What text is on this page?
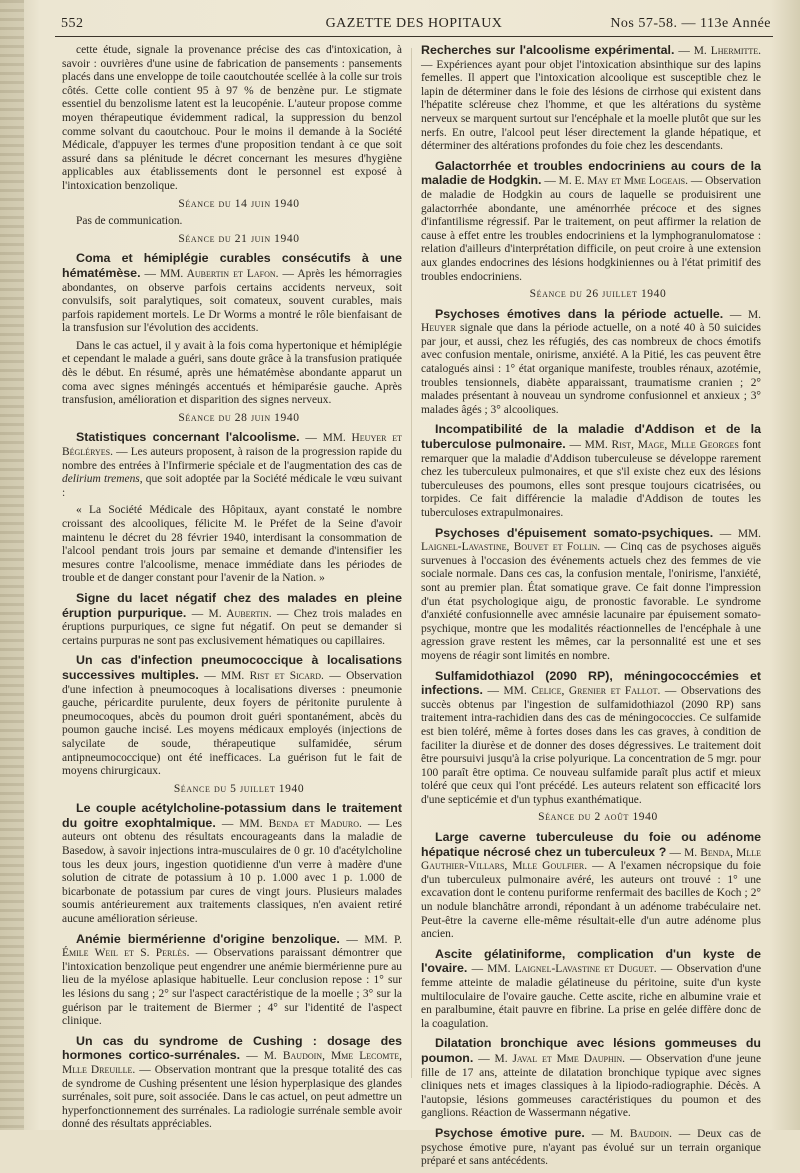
552	GAZETTE DES HOPITAUX	Nos 57-58. — 113e Année

cette étude, signale la provenance précise des cas d'intoxication, à savoir : ouvrières d'une usine de fabrication de pansements : pansements placés dans une enveloppe de toile caoutchoutée scellée à la colle sur trois côtés. Cette colle contient 95 à 97 % de benzène pur. Le stigmate essentiel du benzolisme latent est la leucopénie. L'auteur propose comme moyen thérapeutique évidemment radical, la suppression du benzol comme solvant du caoutchouc. Pour le moins il demande à la Société Médicale, d'appuyer les termes d'une proposition tendant à ce que soit assuré dans sa plénitude le décret concernant les mesures d'hygiène applicables aux établissements dont le personnel est exposé à l'intoxication benzolique.

Séance du 14 juin 1940

Pas de communication.

Séance du 21 juin 1940

Coma et hémiplégie curables consécutifs à une hématémèse. — MM. Aubertin et Lafon. — Après les hémorragies abondantes, on observe parfois certains accidents nerveux, soit convulsifs, soit paralytiques, soit comateux, souvent curables, mais parfois rapidement mortels. Le Dr Worms a montré le rôle bienfaisant de la transfusion sur l'évolution des accidents.

Dans le cas actuel, il y avait à la fois coma hypertonique et hémiplégie et cependant le malade a guéri, sans doute grâce à la transfusion pratiquée dès le début. En résumé, après une hématémèse abondante apparut un coma avec signes méningés accentués et hémiparésie gauche. Après transfusion, amélioration et disparition des signes nerveux.

Séance du 28 juin 1940

Statistiques concernant l'alcoolisme. — MM. Heuyer et Bégléryes. — Les auteurs proposent, à raison de la progression rapide du nombre des entrées à l'Infirmerie spéciale et de l'augmentation des cas de delirium tremens, que soit adoptée par la Société médicale le vœu suivant :

« La Société Médicale des Hôpitaux, ayant constaté le nombre croissant des alcooliques, félicite M. le Préfet de la Seine d'avoir maintenu le décret du 28 février 1940, interdisant la consommation de l'alcool pendant trois jours par semaine et demande d'intensifier les mesures contre l'alcoolisme, menace immédiate dans les périodes de trouble et de danger constant pour l'avenir de la Nation. »

Signe du lacet négatif chez des malades en pleine éruption purpurique. — M. Aubertin. — Chez trois malades en éruptions purpuriques, ce signe fut négatif. On peut se demander si certains purpuras ne sont pas exclusivement hématiques ou capillaires.

Un cas d'infection pneumococcique à localisations successives multiples. — MM. Rist et Sicard. — Observation d'une infection à pneumocoques à localisations diverses : pneumonie gauche, péricardite purulente, deux foyers de péritonite purulente à pneumocoques, abcès du poumon droit guéri spontanément, abcès du poumon gauche incisé. Les moyens médicaux employés (injections de salycilate de soude, thérapeutique sulfamidée, sérum antipneumococcique) ont été inefficaces. La guérison fut le fait de moyens chirurgicaux.

Séance du 5 juillet 1940

Le couple acétylcholine-potassium dans le traitement du goitre exophtalmique. — MM. Benda et Maduro. — Les auteurs ont obtenu des résultats encourageants dans la maladie de Basedow, à savoir injections intra-musculaires de 0 gr. 10 d'acétylcholine tous les deux jours, ingestion quotidienne d'un verre à madère d'une solution de citrate de potassium à 10 p. 1.000 avec 1 p. 1.000 de bicarbonate de potassium par cures de vingt jours. Plusieurs malades soumis antérieurement aux traitements classiques, n'en avaient retiré aucune amélioration sérieuse.

Anémie biermérienne d'origine benzolique. — MM. P. Émile Weil et S. Perlès. — Observations paraissant démontrer que l'intoxication benzolique peut engendrer une anémie biermérienne pure au lieu de la myélose aplasique habituelle. Leur conclusion repose : 1° sur les lésions du sang ; 2° sur l'aspect caractéristique de la moelle ; 3° sur la guérison par le traitement de Biermer ; 4° sur l'identité de l'aspect clinique.

Un cas du syndrome de Cushing : dosage des hormones cortico-surrénales. — M. Baudoin, Mme Lecomte, Mlle Dreuille. — Observation montrant que la presque totalité des cas de syndrome de Cushing présentent une lésion hyperplasique des glandes surrénales, soit pure, soit associée. Dans le cas actuel, on peut admettre un hyperfonctionnement des surrénales. La radiologie surrénale semble avoir donné des résultats appréciables.

Recherches sur l'alcoolisme expérimental. — M. Lhermitte. — Expériences ayant pour objet l'intoxication absinthique sur des lapins femelles. Il appert que l'intoxication alcoolique est susceptible chez le lapin de déterminer dans le foie des lésions de cirrhose qui existent dans l'hépatite scléreuse chez l'homme, et que les altérations du système nerveux se marquent surtout sur l'encéphale et la moelle plutôt que sur les nerfs. En outre, l'alcool peut léser directement la glande hépatique, et déterminer des altérations profondes du foie chez les descendants.

Galactorrhée et troubles endocriniens au cours de la maladie de Hodgkin. — M. E. May et Mme Logeais. — Observation de maladie de Hodgkin au cours de laquelle se produisirent une galactorrhée abondante, une aménorrhée précoce et des signes d'infantilisme régressif. Par le traitement, on peut affirmer la relation de cause à effet entre les troubles endocriniens et la lymphogranulomatose : relation d'ailleurs d'interprétation difficile, on peut croire à une extension aux glandes endocrines des lésions hodgkiniennes ou à l'état primitif des troubles endocriniens.

Séance du 26 juillet 1940

Psychoses émotives dans la période actuelle. — M. Heuyer signale que dans la période actuelle, on a noté 40 à 50 suicides par jour, et aussi, chez les réfugiés, des cas nombreux de chocs émotifs avec confusion mentale, onirisme, anxiété. A la Pitié, les cas peuvent être catalogués ainsi : 1° état organique manifeste, troubles rénaux, azotémie, troubles tensionnels, diabète apparaissant, traumatisme cranien ; 2° malades présentant à nouveau un syndrome confusionnel et anxieux ; 3° malades âgés ; 3° alcooliques.

Incompatibilité de la maladie d'Addison et de la tuberculose pulmonaire. — MM. Rist, Mage, Mlle Georges font remarquer que la maladie d'Addison tuberculeuse se développe rarement chez les tuberculeux pulmonaires, et que s'il existe chez eux des lésions tuberculeuses des poumons, elles sont presque toujours cicatrisées, ou torpides. Ce fait différencie la maladie d'Addison de toutes les tuberculoses extrapulmonaires.

Psychoses d'épuisement somato-psychiques. — MM. Laignel-Lavastine, Bouvet et Follin. — Cinq cas de psychoses aiguës survenues à l'occasion des événements actuels chez des femmes de vie sociale normale. Dans ces cas, la confusion mentale, l'onirisme, l'anxiété, sont au premier plan. État somatique grave. Ce fait donne l'impression d'un état psychologique aigu, de pronostic favorable. Le syndrome d'anxiété confusionnelle avec amnésie lacunaire par épuisement somato-psychique, montre que les modalités réactionnelles de l'encéphale à une agression grave restent les mêmes, car la personnalité est une et ses moyens de réagir sont limités en nombre.

Sulfamidothiazol (2090 RP), méningococcémies et infections. — MM. Celice, Grenier et Fallot. — Observations des succès obtenus par l'ingestion de sulfamidothiazol (2090 RP) sans traitement intra-rachidien dans des cas de méningococcies. Ce sulfamide est bien toléré, même à fortes doses dans les cas graves, à condition de faciliter la diurèse et de donner des doses dégressives. Le traitement doit être poursuivi jusqu'à la crise polyurique. La concentration de 5 mgr. pour 100 paraît être optima. Ce nouveau sulfamide paraît plus actif et mieux toléré que ceux qui l'ont précédé. Les auteurs relatent son efficacité lors d'une septicémie et d'un typhus exanthématique.

Séance du 2 août 1940

Large caverne tuberculeuse du foie ou adénome hépatique nécrosé chez un tuberculeux ? — M. Benda, Mlle Gauthier-Villars, Mlle Goulfier. — A l'examen nécropsique du foie d'un tuberculeux pulmonaire avéré, les auteurs ont trouvé : 1° une excavation dont le contenu puriforme renfermait des bacilles de Koch ; 2° un nodule blanchâtre arrondi, répondant à un adénome trabéculaire net. Peut-être la caverne elle-même résultait-elle d'un autre adénome plus ancien.

Ascite gélatiniforme, complication d'un kyste de l'ovaire. — MM. Laignel-Lavastine et Duguet. — Observation d'une femme atteinte de maladie gélatineuse du péritoine, suite d'un kyste multiloculaire de l'ovaire gauche. Cette ascite, riche en albumine vraie et en paralbumine, était pauvre en fibrine. La prise en gelée diffère donc de la coagulation.

Dilatation bronchique avec lésions gommeuses du poumon. — M. Javal et Mme Dauphin. — Observation d'une jeune fille de 17 ans, atteinte de dilatation bronchique typique avec signes cliniques nets et images classiques à la lipiodo-radiographie. Décès. A l'autopsie, lésions gommeuses caractéristiques du poumon et des ganglions. Réaction de Wassermann négative.

Psychose émotive pure. — M. Baudoin. — Deux cas de psychose émotive pure, n'ayant pas évolué sur un terrain organique préparé et sans antécédents.
